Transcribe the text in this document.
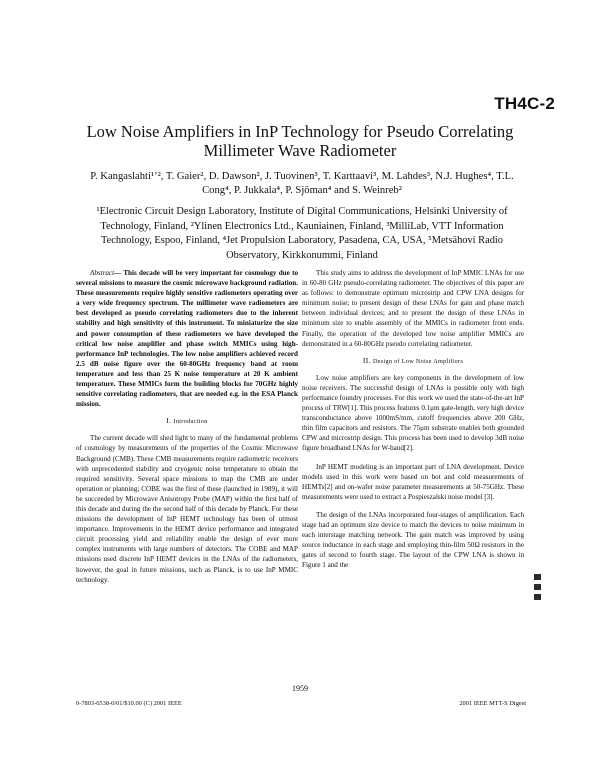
TH4C-2
Low Noise Amplifiers in InP Technology for Pseudo Correlating
Millimeter Wave Radiometer
P. Kangaslahti¹ʼ², T. Gaier², D. Dawson², J. Tuovinen³, T. Karttaavi³, M. Lahdes³, N.J. Hughes⁴, T.L.
Cong⁴, P. Jukkala⁴, P. Sjöman⁴ and S. Weinreb²
¹Electronic Circuit Design Laboratory, Institute of Digital Communications, Helsinki University of
Technology, Finland, ²Ylinen Electronics Ltd., Kauniainen, Finland, ³MilliLab, VTT Information
Technology, Espoo, Finland, ⁴Jet Propulsion Laboratory, Pasadena, CA, USA, ⁵Metsähovi Radio
Observatory, Kirkkonummi, Finland

Abstract— This decade will be very important for cosmology due to several missions to measure the cosmic microwave background radiation. These measurements require highly sensitive radiometers operating over a very wide frequency spectrum. The millimeter wave radiometers are best developed as pseudo correlating radiometers due to the inherent stability and high sensitivity of this instrument. To miniaturize the size and power consumption of these radiometers we have developed the critical low noise amplifier and phase switch MMICs using high-performance InP technologies. The low noise amplifiers achieved record 2.5 dB noise figure over the 60-80GHz frequency band at room temperature and less than 25 K noise temperature at 20 K ambient temperature. These MMICs form the building blocks for 70GHz highly sensitive correlating radiometers, that are needed e.g. in the ESA Planck mission.

I. Introduction

The current decade will shed light to many of the fundamental problems of cosmology by measurements of the properties of the Cosmic Microwave Background (CMB). These CMB measurements require radiometric receivers with unprecedented stability and cryogenic noise temperature to obtain the required sensitivity. Several space missions to map the CMB are under operation or planning; COBE was the first of these (launched in 1989), it will be succeeded by Microwave Anisotropy Probe (MAP) within the first half of this decade and during the the second half of this decade by Planck. For these missions the development of InP HEMT technology has been of utmost importance. Improvements in the HEMT device performance and integrated circuit processing yield and reliability enable the design of ever more complex instruments with large numbers of detectors. The COBE and MAP missions used discrete InP HEMT devices in the LNAs of the radiometers, however, the goal in future missions, such as Planck, is to use InP MMIC technology.

This study aims to address the development of InP MMIC LNAs for use in 60-80 GHz pseudo-correlating radiometer. The objectives of this paper are as follows: to demonstrate optimum microstrip and CPW LNA designs for minimum noise; to present design of these LNAs for gain and phase match between individual devices; and to present the design of these LNAs in minimum size to enable assembly of the MMICs in radiometer front ends. Finally, the operation of the developed low noise amplifier MMICs are demonstrated in a 60-80GHz pseudo correlating radiometer.

II. Design of Low Noise Amplifiers

Low noise amplifiers are key components in the development of low noise receivers. The successful design of LNAs is possible only with high performance foundry processes. For this work we used the state-of-the-art InP process of TRW[1]. This process features 0.1μm gate-length, very high device transconductance above 1000mS/mm, cutoff frequencies above 200 GHz, thin film capacitors and resistors. The 75μm substrate enables both grounded CPW and microstrip design. This process has been used to develop 3dB noise figure broadband LNAs for W-band[2].

InP HEMT modeling is an important part of LNA development. Device models used in this work were based on hot and cold measurements of HEMTs[2] and on-wafer noise parameter measurements at 50-75GHz. These measurements were used to extract a Pospieszalski noise model [3].

The design of the LNAs incorporated four-stages of amplification. Each stage had an optimum size device to match the devices to noise minimum in each interstage matching network. The gain match was improved by using source inductance in each stage and employing thin-film 50Ω resistors in the gates of second to fourth stage. The layout of the CPW LNA is shown in Figure 1 and the

1959
0-7803-6538-0/01/$10.00 (C) 2001 IEEE	2001 IEEE MTT-S Digest
